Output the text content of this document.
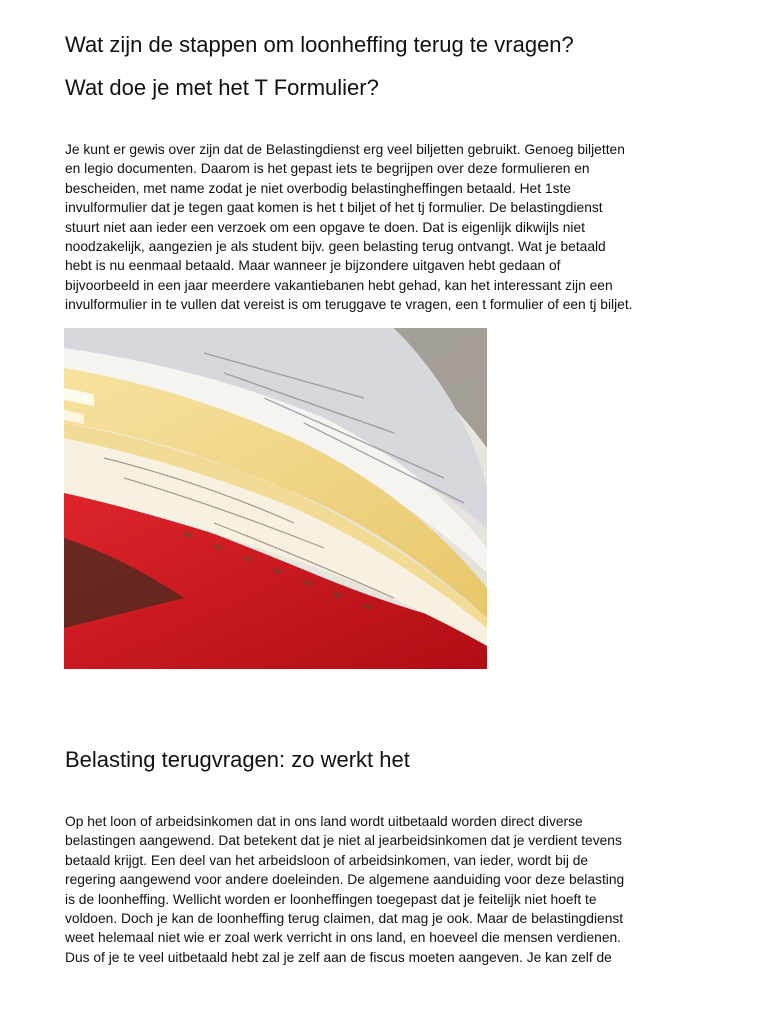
Wat zijn de stappen om loonheffing terug te vragen?
Wat doe je met het T Formulier?
Je kunt er gewis over zijn dat de Belastingdienst erg veel biljetten gebruikt. Genoeg biljetten
en legio documenten. Daarom is het gepast iets te begrijpen over deze formulieren en
bescheiden, met name zodat je niet overbodig belastingheffingen betaald. Het 1ste
invulformulier dat je tegen gaat komen is het t biljet of het tj formulier. De belastingdienst
stuurt niet aan ieder een verzoek om een opgave te doen. Dat is eigenlijk dikwijls niet
noodzakelijk, aangezien je als student bijv. geen belasting terug ontvangt. Wat je betaald
hebt is nu eenmaal betaald. Maar wanneer je bijzondere uitgaven hebt gedaan of
bijvoorbeeld in een jaar meerdere vakantiebanen hebt gehad, kan het interessant zijn een
invulformulier in te vullen dat vereist is om teruggave te vragen, een t formulier of een tj biljet.
Belasting terugvragen: zo werkt het
Op het loon of arbeidsinkomen dat in ons land wordt uitbetaald worden direct diverse
belastingen aangewend. Dat betekent dat je niet al jearbeidsinkomen dat je verdient tevens
betaald krijgt. Een deel van het arbeidsloon of arbeidsinkomen, van ieder, wordt bij de
regering aangewend voor andere doeleinden. De algemene aanduiding voor deze belasting
is de loonheffing. Wellicht worden er loonheffingen toegepast dat je feitelijk niet hoeft te
voldoen. Doch je kan de loonheffing terug claimen, dat mag je ook. Maar de belastingdienst
weet helemaal niet wie er zoal werk verricht in ons land, en hoeveel die mensen verdienen.
Dus of je te veel uitbetaald hebt zal je zelf aan de fiscus moeten aangeven. Je kan zelf de
